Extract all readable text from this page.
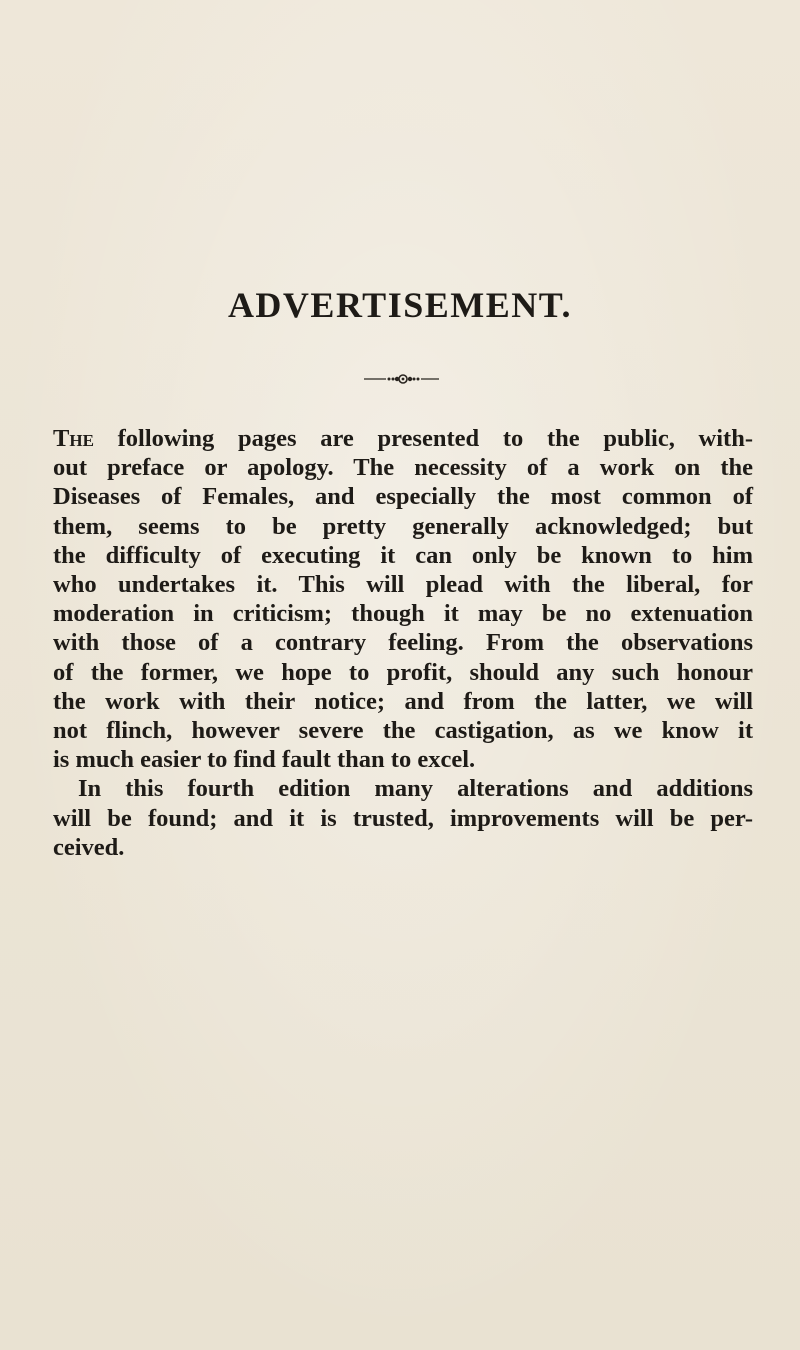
ADVERTISEMENT.
The following pages are presented to the public, with-
out preface or apology. The necessity of a work on the
Diseases of Females, and especially the most common of
them, seems to be pretty generally acknowledged; but
the difficulty of executing it can only be known to him
who undertakes it. This will plead with the liberal, for
moderation in criticism; though it may be no extenuation
with those of a contrary feeling. From the observations
of the former, we hope to profit, should any such honour
the work with their notice; and from the latter, we will
not flinch, however severe the castigation, as we know it
is much easier to find fault than to excel.
In this fourth edition many alterations and additions
will be found; and it is trusted, improvements will be per-
ceived.
